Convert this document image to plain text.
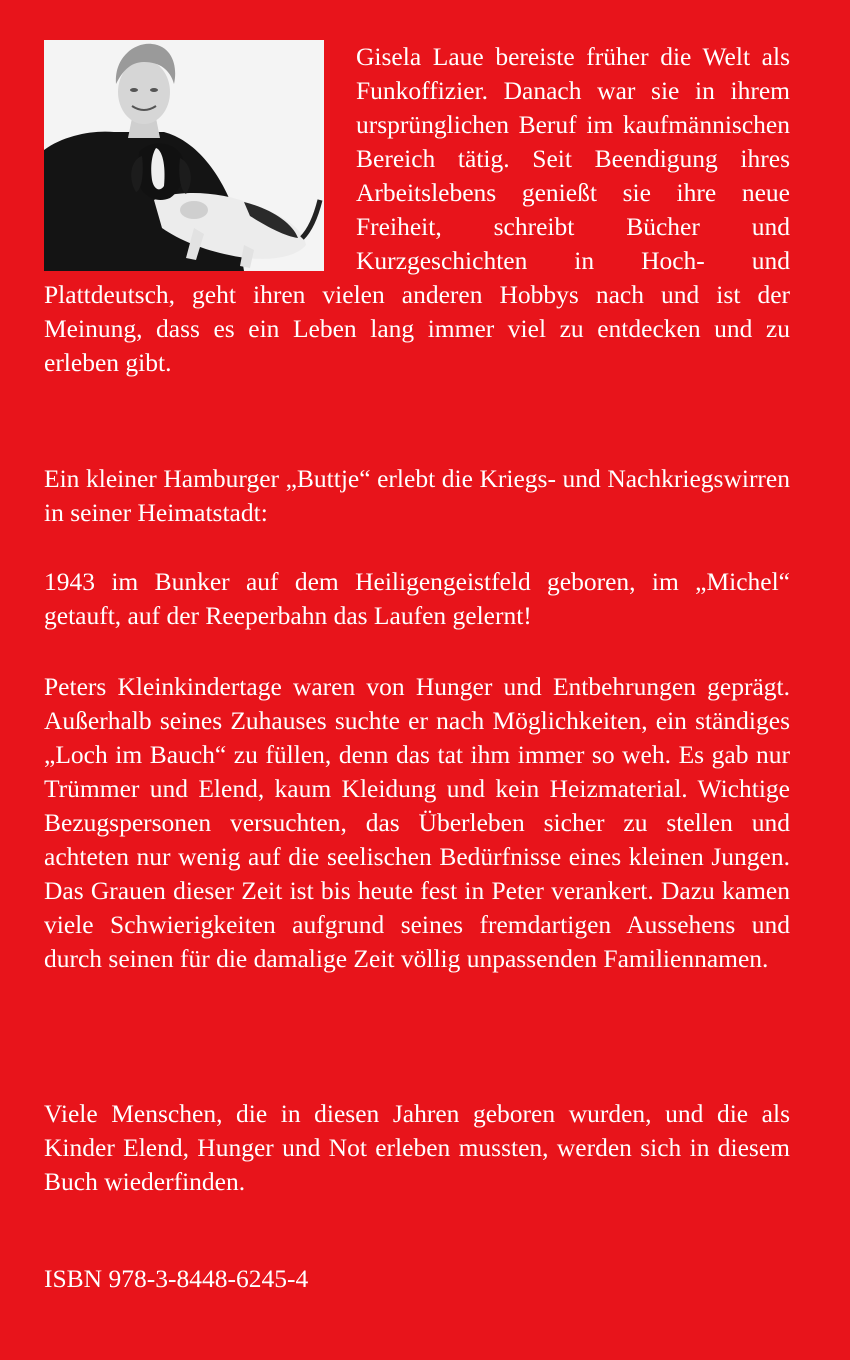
Gisela Laue bereiste früher die Welt als Funkoffizier. Danach war sie in ihrem ursprünglichen Beruf im kaufmännischen Bereich tätig. Seit Beendigung ihres Arbeitslebens genießt sie ihre neue Freiheit, schreibt Bücher und Kurzgeschichten in Hoch- und Plattdeutsch, geht ihren vielen anderen Hobbys nach und ist der Meinung, dass es ein Leben lang immer viel zu entdecken und zu erleben gibt.

Ein kleiner Hamburger „Buttje“ erlebt die Kriegs- und Nachkriegswirren in seiner Heimatstadt:

1943 im Bunker auf dem Heiligengeistfeld geboren, im „Michel“ getauft, auf der Reeperbahn das Laufen gelernt!

Peters Kleinkindertage waren von Hunger und Entbehrungen geprägt. Außerhalb seines Zuhauses suchte er nach Möglichkeiten, ein ständiges „Loch im Bauch“ zu füllen, denn das tat ihm immer so weh. Es gab nur Trümmer und Elend, kaum Kleidung und kein Heizmaterial. Wichtige Bezugspersonen versuchten, das Überleben sicher zu stellen und achteten nur wenig auf die seelischen Bedürfnisse eines kleinen Jungen. Das Grauen dieser Zeit ist bis heute fest in Peter verankert. Dazu kamen viele Schwierigkeiten aufgrund seines fremdartigen Aussehens und durch seinen für die damalige Zeit völlig unpassenden Familiennamen.

Viele Menschen, die in diesen Jahren geboren wurden, und die als Kinder Elend, Hunger und Not erleben mussten, werden sich in diesem Buch wiederfinden.

ISBN 978-3-8448-6245-4
